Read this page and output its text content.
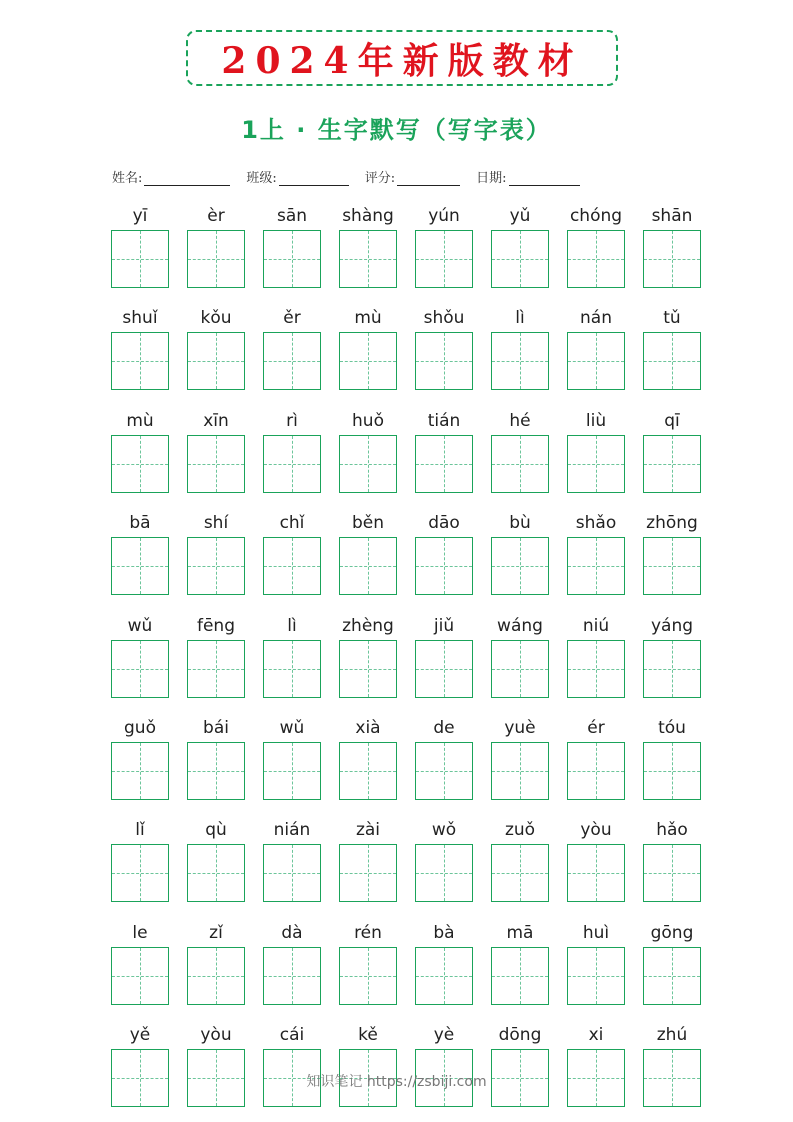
2024年新版教材
1上 · 生字默写（写字表）
姓名:	班级:	评分:	日期:
yī	èr	sān	shàng	yún	yǔ	chóng	shān
shuǐ	kǒu	ěr	mù	shǒu	lì	nán	tǔ
mù	xīn	rì	huǒ	tián	hé	liù	qī
bā	shí	chǐ	běn	dāo	bù	shǎo	zhōng
wǔ	fēng	lì	zhèng	jiǔ	wáng	niú	yáng
guǒ	bái	wǔ	xià	de	yuè	ér	tóu
lǐ	qù	nián	zài	wǒ	zuǒ	yòu	hǎo
le	zǐ	dà	rén	bà	mā	huì	gōng
yě	yòu	cái	kě	yè	dōng	xi	zhú
知识笔记 https://zsbiji.com
